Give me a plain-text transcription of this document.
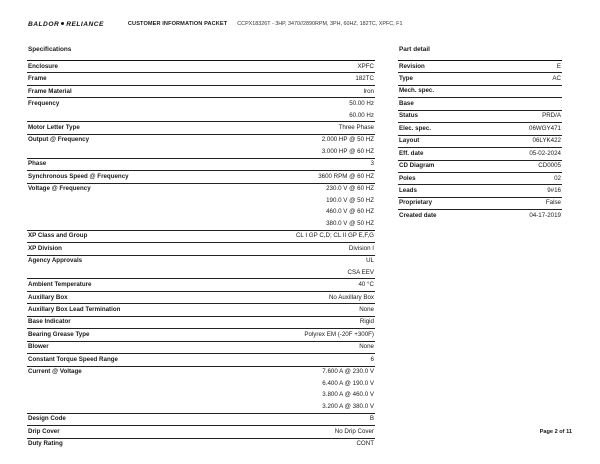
BALDOR RELIANCE	CUSTOMER INFORMATION PACKET CCPX18326T - 3HP, 3470//2890RPM, 3PH, 60HZ, 182TC, XPFC, F1
Specifications
Enclosure	XPFC
Frame	182TC
Frame Material	Iron
Frequency	50.00 Hz
	60.00 Hz
Motor Letter Type	Three Phase
Output @ Frequency	2.000 HP @ 50 HZ
	3.000 HP @ 60 HZ
Phase	3
Synchronous Speed @ Frequency	3600 RPM @ 60 HZ
Voltage @ Frequency	230.0 V @ 60 HZ
	190.0 V @ 50 HZ
	460.0 V @ 60 HZ
	380.0 V @ 50 HZ
XP Class and Group	CL I GP C,D; CL II GP E,F,G
XP Division	Division I
Agency Approvals	UL
	CSA EEV
Ambient Temperature	40 °C
Auxillary Box	No Auxillary Box
Auxillary Box Lead Termination	None
Base Indicator	Rigid
Bearing Grease Type	Polyrex EM (-20F +300F)
Blower	None
Constant Torque Speed Range	6
Current @ Voltage	7.600 A @ 230.0 V
	6.400 A @ 190.0 V
	3.800 A @ 460.0 V
	3.200 A @ 380.0 V
Design Code	B
Drip Cover	No Drip Cover
Duty Rating	CONT
Part detail
Revision	E
Type	AC
Mech. spec.	
Base	
Status	PRD/A
Elec. spec.	06WGY471
Layout	06LYK422
Eff. date	05-02-2024
CD Diagram	CD0005
Poles	02
Leads	9#16
Proprietary	False
Created date	04-17-2019
Page 2 of 11
